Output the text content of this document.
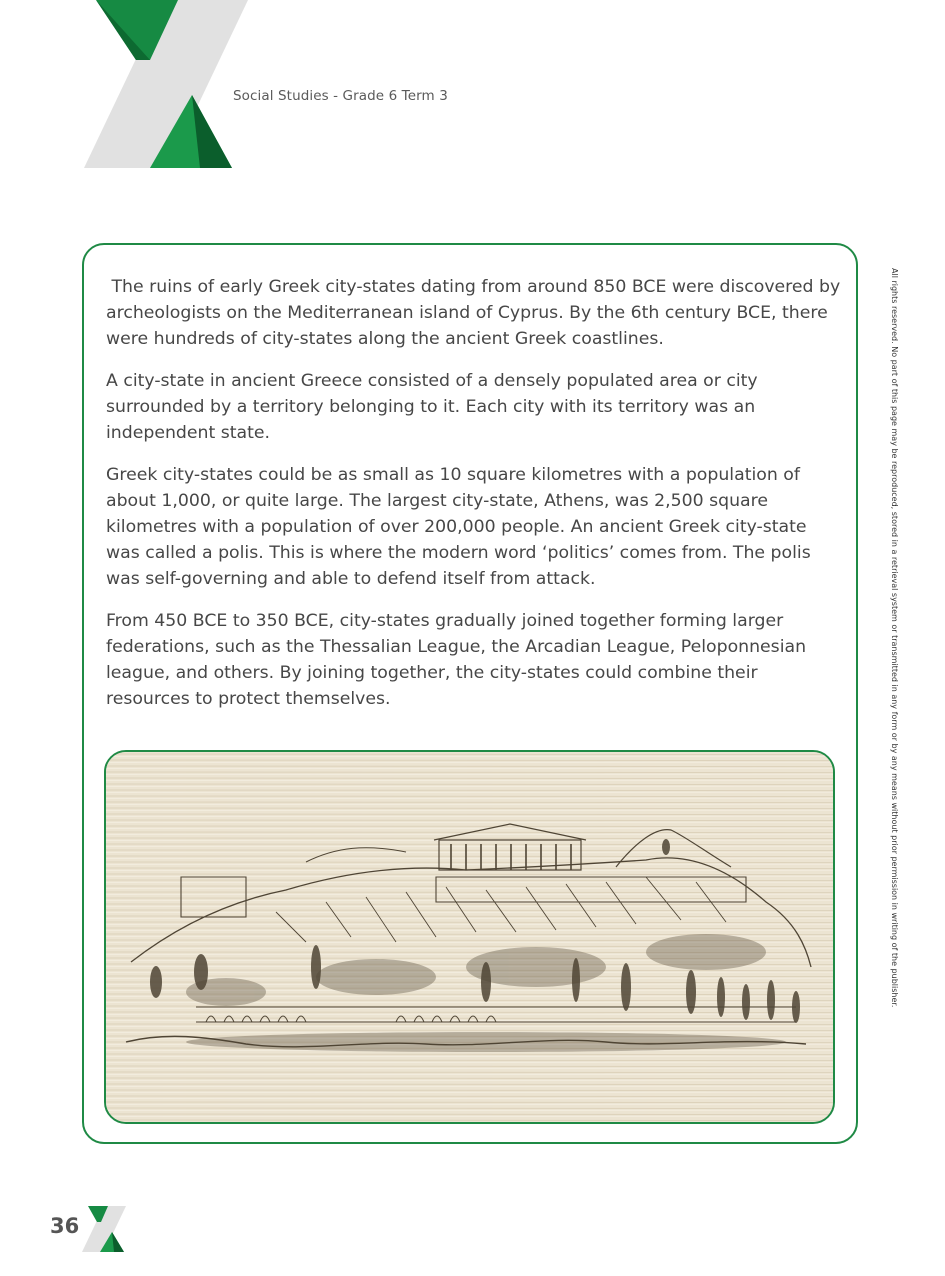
Social Studies - Grade 6 Term 3

The ruins of early Greek city-states dating from around 850 BCE were discovered by archeologists on the Mediterranean island of Cyprus. By the 6th century BCE, there were hundreds of city-states along the ancient Greek coastlines.

A city-state in ancient Greece consisted of a densely populated area or city surrounded by a territory belonging to it. Each city with its territory was an independent state.

Greek city-states could be as small as 10 square kilometres with a population of about 1,000, or quite large. The largest city-state, Athens, was 2,500 square kilometres with a population of over 200,000 people. An ancient Greek city-state was called a polis. This is where the modern word ‘politics’ comes from. The polis was self-governing and able to defend itself from attack.

From 450 BCE to 350 BCE, city-states gradually joined together forming larger federations, such as the Thessalian League, the Arcadian League, Peloponnesian league, and others. By joining together, the city-states could combine their resources to protect themselves.	All rights reserved. No part of this page may be reproduced, stored in a retrieval system or transmitted in any form or by any means without prior permission in writing of the publisher.
36
